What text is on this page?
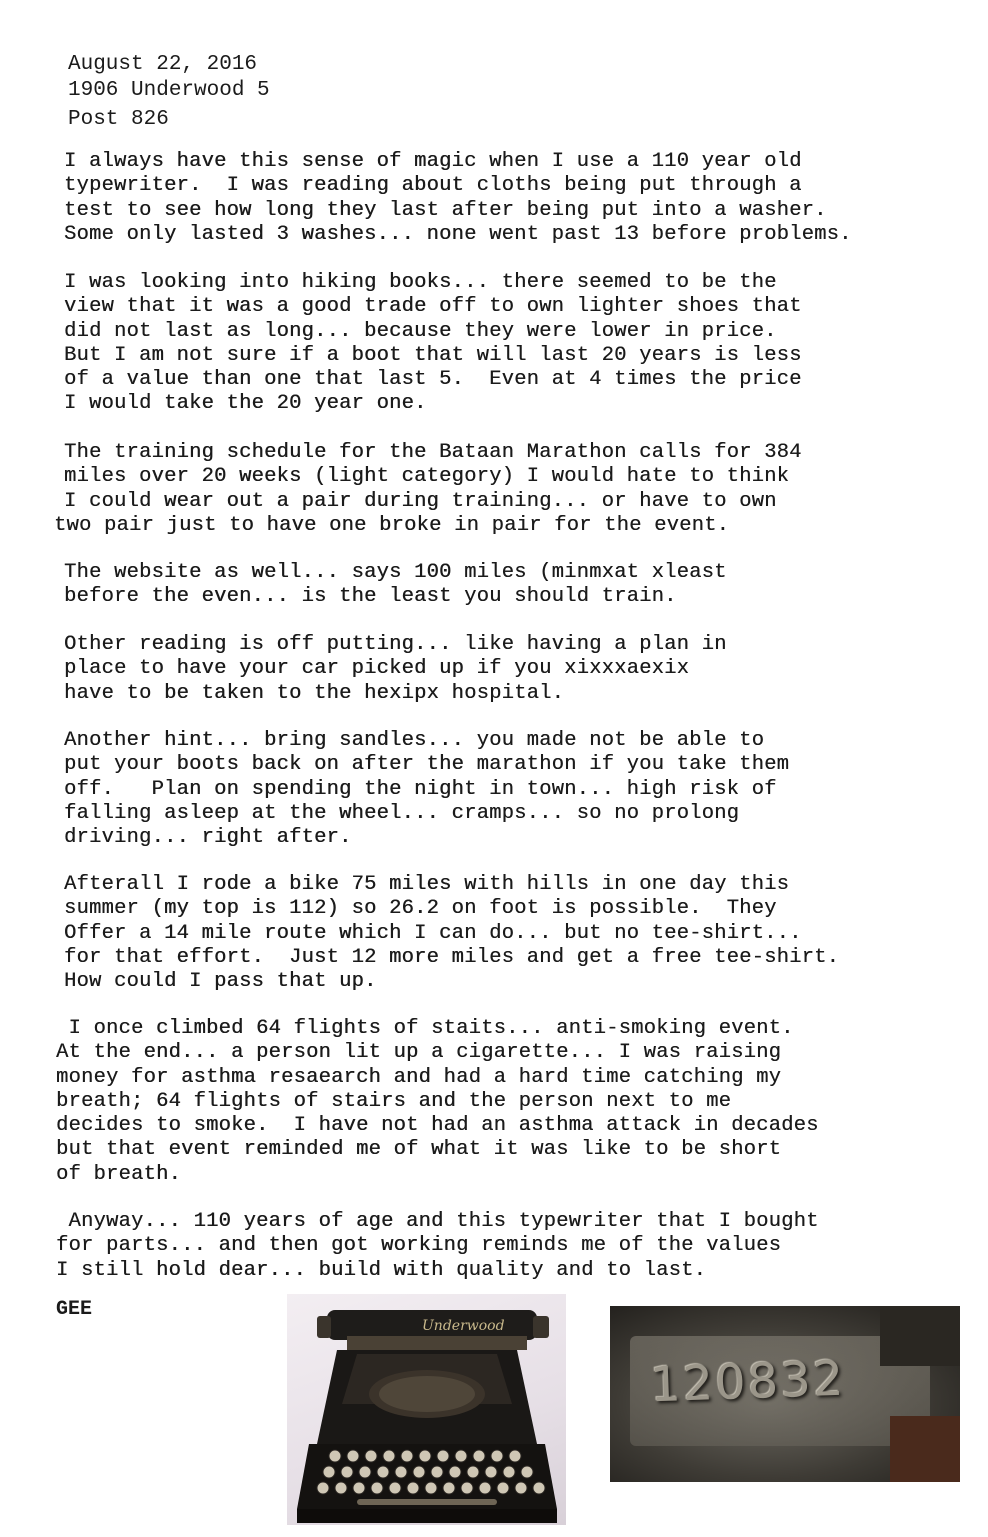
August 22, 2016
1906 Underwood 5
Post 826
I always have this sense of magic when I use a 110 year old
typewriter.  I was reading about cloths being put through a
test to see how long they last after being put into a washer.
Some only lasted 3 washes... none went past 13 before problems.
I was looking into hiking books... there seemed to be the
view that it was a good trade off to own lighter shoes that
did not last as long... because they were lower in price.
But I am not sure if a boot that will last 20 years is less
of a value than one that last 5.  Even at 4 times the price
I would take the 20 year one.
The training schedule for the Bataan Marathon calls for 384
miles over 20 weeks (light category) I would hate to think
I could wear out a pair during training... or have to own
two pair just to have one broke in pair for the event.
The website as well... says 100 miles (minmxat xleast
before the even... is the least you should train.
Other reading is off putting... like having a plan in
place to have your car picked up if you xixxxaexix
have to be taken to the hexipx hospital.
Another hint... bring sandles... you made not be able to
put your boots back on after the marathon if you take them
off.   Plan on spending the night in town... high risk of
falling asleep at the wheel... cramps... so no prolong
driving... right after.
Afterall I rode a bike 75 miles with hills in one day this
summer (my top is 112) so 26.2 on foot is possible.  They
Offer a 14 mile route which I can do... but no tee-shirt...
for that effort.  Just 12 more miles and get a free tee-shirt.
How could I pass that up.
I once climbed 64 flights of staits... anti-smoking event.
At the end... a person lit up a cigarette... I was raising
money for asthma resaearch and had a hard time catching my
breath; 64 flights of stairs and the person next to me
decides to smoke.  I have not had an asthma attack in decades
but that event reminded me of what it was like to be short
of breath.
Anyway... 110 years of age and this typewriter that I bought
for parts... and then got working reminds me of the values
I still hold dear... build with quality and to last.
GEE
Underwood
120832
